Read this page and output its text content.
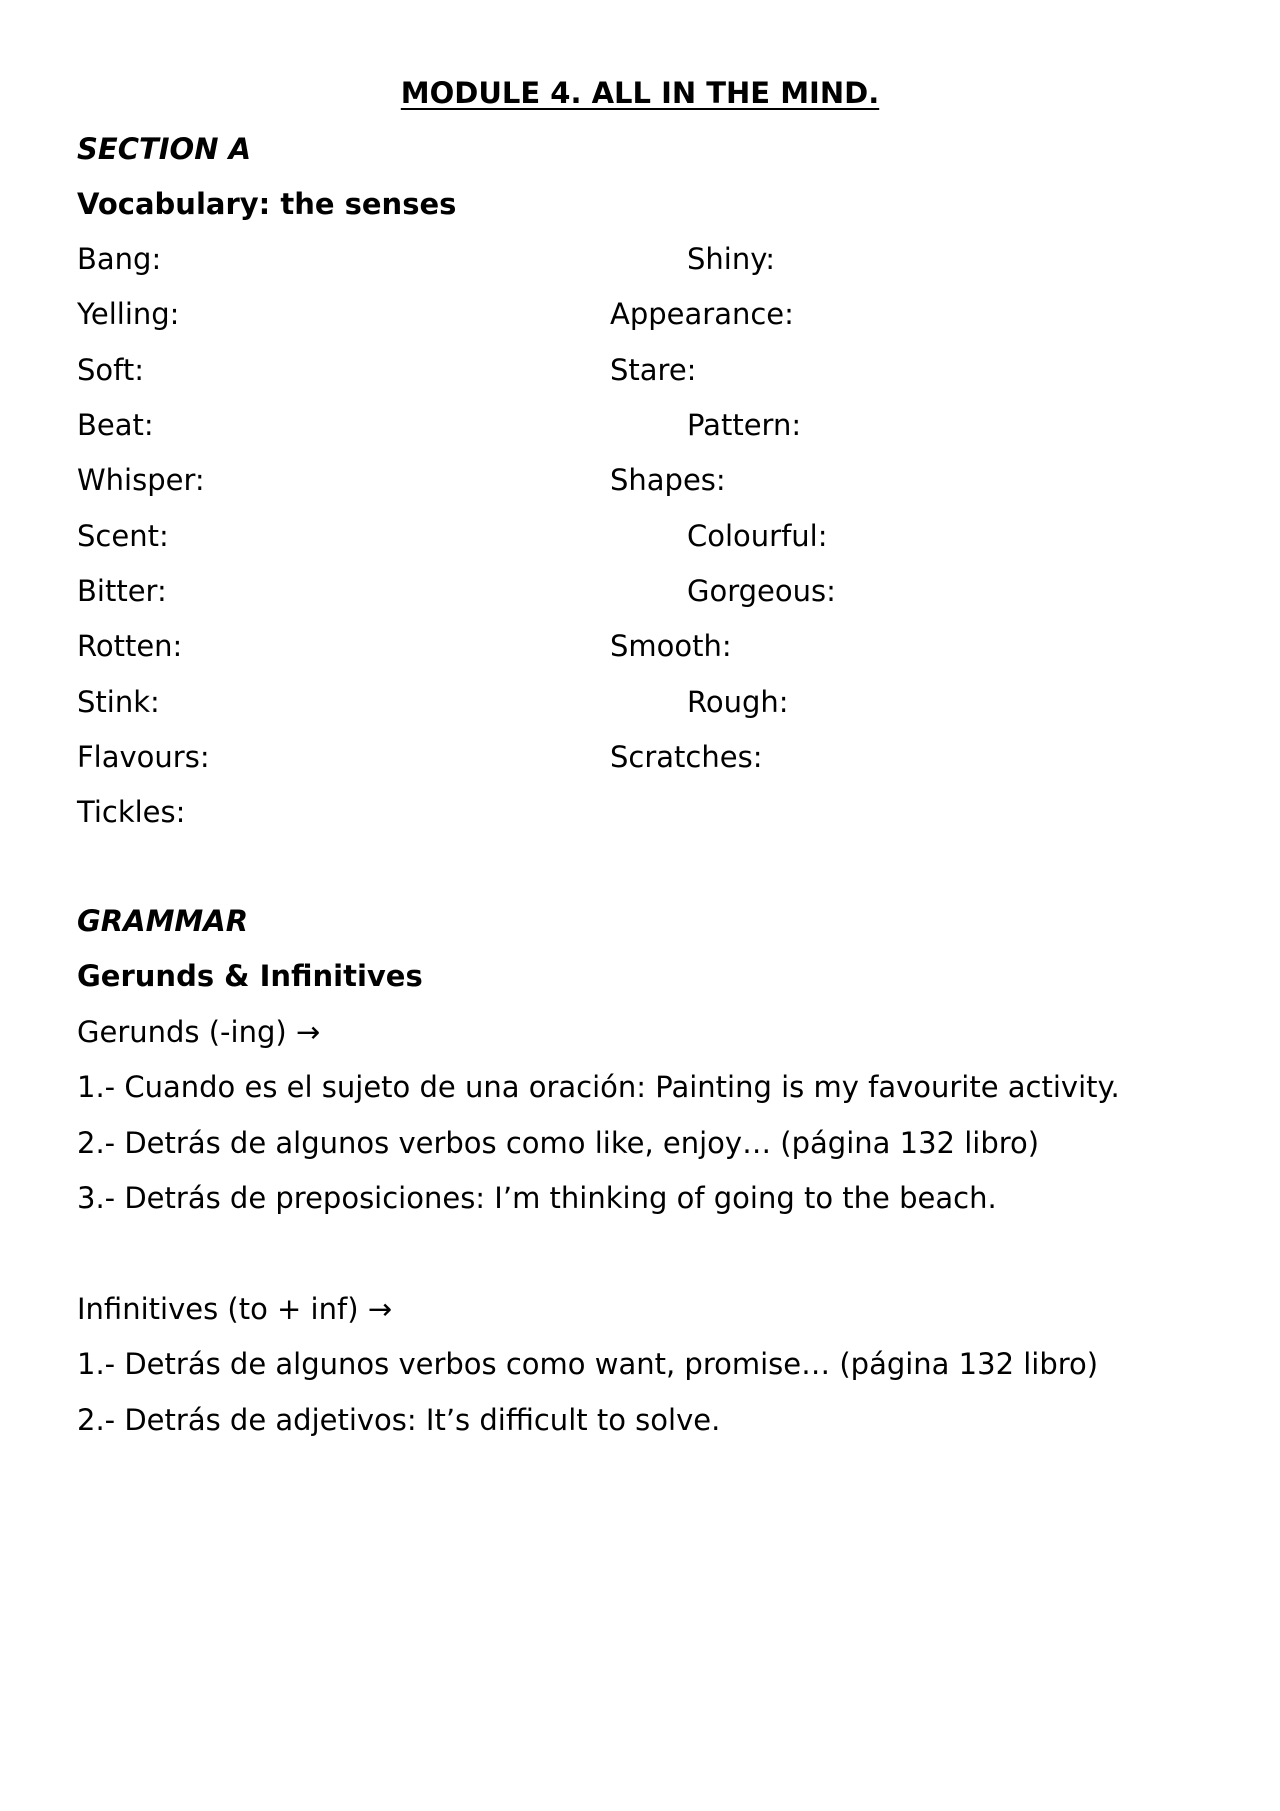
MODULE 4. ALL IN THE MIND.
SECTION A
Vocabulary: the senses
Bang:
Yelling:
Soft:
Beat:
Whisper:
Scent:
Bitter:
Rotten:
Stink:
Flavours:
Tickles:
Shiny:
Appearance:
Stare:
Pattern:
Shapes:
Colourful:
Gorgeous:
Smooth:
Rough:
Scratches:
GRAMMAR
Gerunds & Infinitives
Gerunds (-ing) →
1.- Cuando es el sujeto de una oración: Painting is my favourite activity.
2.- Detrás de algunos verbos como like, enjoy… (página 132 libro)
3.- Detrás de preposiciones: I’m thinking of going to the beach.
Infinitives (to + inf) →
1.- Detrás de algunos verbos como want, promise… (página 132 libro)
2.- Detrás de adjetivos: It’s difficult to solve.
